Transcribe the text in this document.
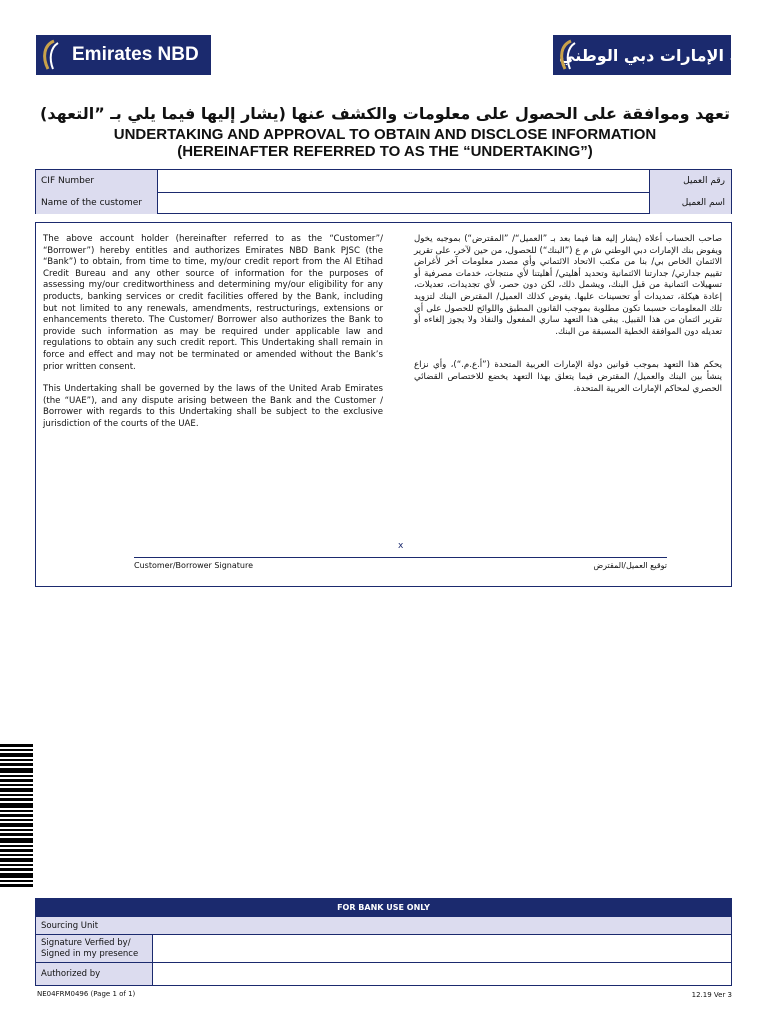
Emirates NBD	بنك الإمارات دبي الوطني
تعهد وموافقة على الحصول على معلومات والكشف عنها (يشار إليها فيما يلي بـ ”التعهد)
UNDERTAKING AND APPROVAL TO OBTAIN AND DISCLOSE INFORMATION
(HEREINAFTER REFERRED TO AS THE “UNDERTAKING”)
CIF Number	رقم العميل
Name of the customer	اسم العميل

The above account holder (hereinafter referred to as the “Customer”/ “Borrower”) hereby entitles and authorizes Emirates NBD Bank PJSC (the “Bank”) to obtain, from time to time, my/our credit report from the Al Etihad Credit Bureau and any other source of information for the purposes of assessing my/our creditworthiness and determining my/our eligibility for any products, banking services or credit facilities offered by the Bank, including but not limited to any renewals, amendments, restructurings, extensions or enhancements thereto. The Customer/ Borrower also authorizes the Bank to provide such information as may be required under applicable law and regulations to obtain any such credit report. This Undertaking shall remain in force and effect and may not be terminated or amended without the Bank’s prior written consent.

This Undertaking shall be governed by the laws of the United Arab Emirates (the “UAE”), and any dispute arising between the Bank and the Customer / Borrower with regards to this Undertaking shall be subject to the exclusive jurisdiction of the courts of the UAE.

صاحب الحساب أعلاه (يشار إليه هنا فيما بعد بـ ”العميل“/ ”المقترض“) بموجبه يخول ويفوض بنك الإمارات دبي الوطني ش م ع (”البنك“) للحصول، من حين لآخر، على تقرير الائتمان الخاص بي/ بنا من مكتب الاتحاد الائتماني وأي مصدر معلومات آخر لأغراض تقييم جدارتي/ جدارتنا الائتمانية وتحديد أهليتي/ أهليتنا لأي منتجات، خدمات مصرفية أو تسهيلات ائتمانية من قبل البنك، ويشمل ذلك، لكن دون حصر، لأي تجديدات، تعديلات، إعادة هيكلة، تمديدات أو تحسينات عليها. يفوض كذلك العميل/ المقترض البنك لتزويد تلك المعلومات حسبما تكون مطلوبة بموجب القانون المطبق واللوائح للحصول على أي تقرير ائتمان من هذا القبيل. يبقى هذا التعهد ساري المفعول والنفاذ ولا يجوز إلغاءه أو تعديله دون الموافقة الخطية المسبقة من البنك.

يحكم هذا التعهد بموجب قوانين دولة الإمارات العربية المتحدة (”أ.ع.م.“)، وأي نزاع ينشأ بين البنك والعميل/ المقترض فيما يتعلق بهذا التعهد يخضع للاختصاص القضائي الحصري لمحاكم الإمارات العربية المتحدة.

x
Customer/Borrower Signature	توقيع العميل/المقترض
FOR BANK USE ONLY
Sourcing Unit
Signature Verfied by/
Signed in my presence
Authorized by
NE04FRM0496 (Page 1 of 1)	12.19 Ver 3
